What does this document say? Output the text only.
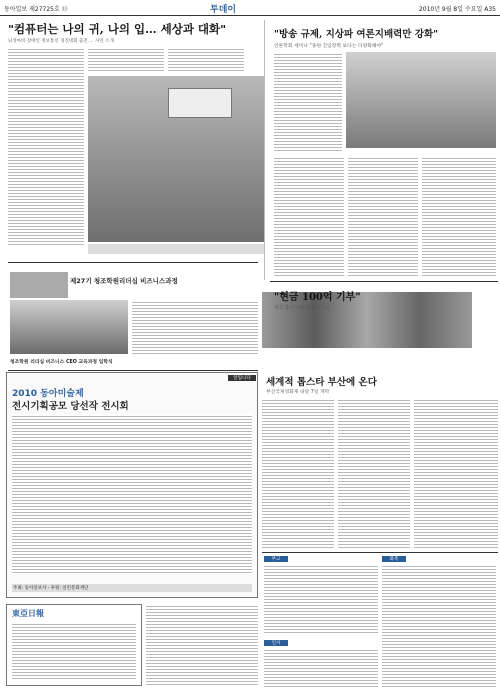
동아일보 제27725호 ⑬	투데이	2010년 9월 8일 수요일 A35
"컴퓨터는 나의 귀, 나의 입… 세상과 대화"
뇌성마비 장애인 정보통신 경진대회 출전 … 사연 소개
"방송 규제, 지상파 여론지배력만 강화"
언론학회 세미나 "종편·진입장벽 보다는 다양화해야"
제27기 청조학원리더십 비즈니스과정
청조학원 리더십 비즈니스 CEO 교육과정 입학식
알립니다
2010 동아미술제
전시기획공모 당선작 전시회
주최: 동아일보사 · 후원: 일민문화재단
東亞日報
세계적 톱스타 부산에 온다
부산국제영화제 내달 7일 개막
"현금 100억 기부"
재산 출연 서울대 발전기금
부고
인사
화촉
